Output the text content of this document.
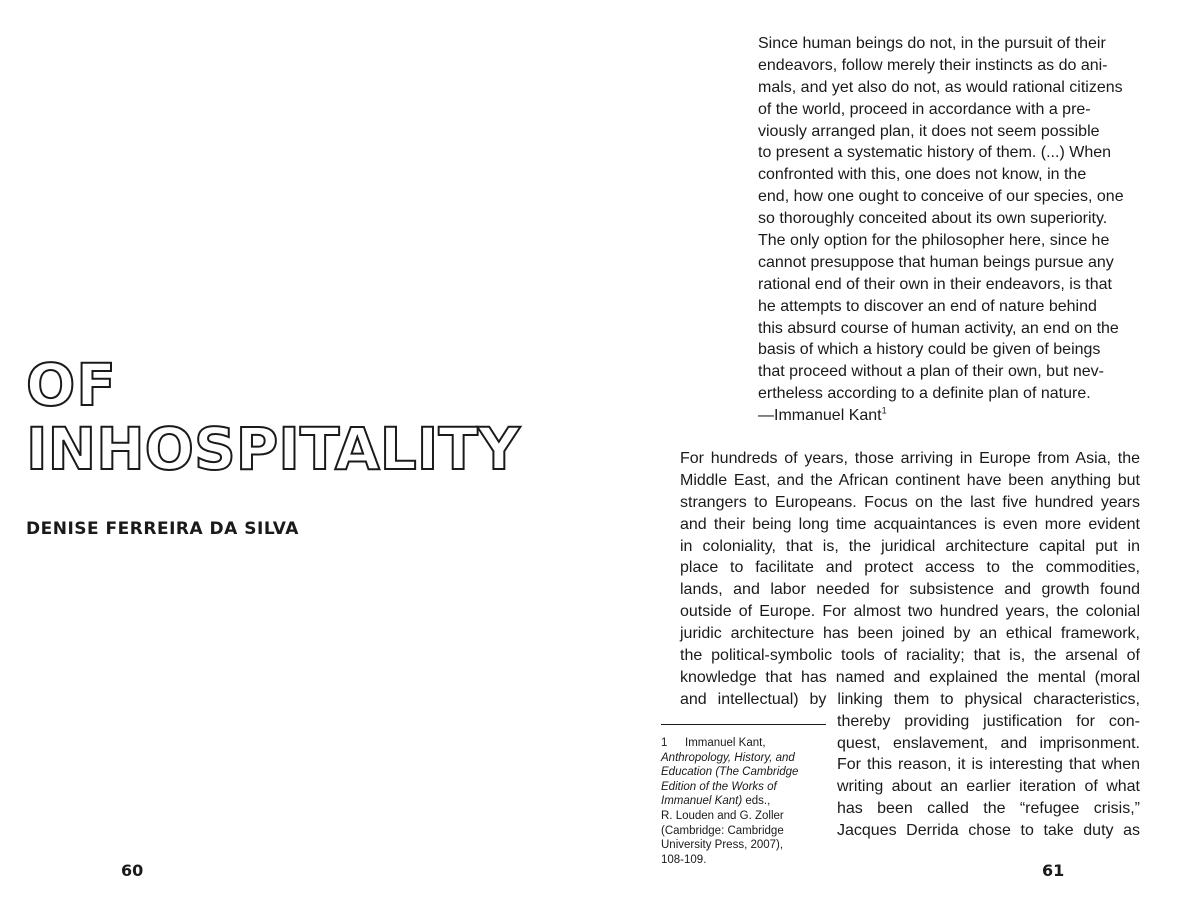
OF
INHOSPITALITY
DENISE FERREIRA DA SILVA
60
Since human beings do not, in the pursuit of their
endeavors, follow merely their instincts as do ani-
mals, and yet also do not, as would rational citizens
of the world, proceed in accordance with a pre-
viously arranged plan, it does not seem possible
to present a systematic history of them. (...) When
confronted with this, one does not know, in the
end, how one ought to conceive of our species, one
so thoroughly conceited about its own superiority.
The only option for the philosopher here, since he
cannot presuppose that human beings pursue any
rational end of their own in their endeavors, is that
he attempts to discover an end of nature behind
this absurd course of human activity, an end on the
basis of which a history could be given of beings
that proceed without a plan of their own, but nev-
ertheless according to a definite plan of nature.
—Immanuel Kant$^1$
For hundreds of years, those arriving in Europe from Asia, the
Middle East, and the African continent have been anything but
strangers to Europeans. Focus on the last five hundred years
and their being long time acquaintances is even more evident
in coloniality, that is, the juridical architecture capital put in
place to facilitate and protect access to the commodities,
lands, and labor needed for subsistence and growth found
outside of Europe. For almost two hundred years, the colonial
juridic architecture has been joined by an ethical framework,
the political-symbolic tools of raciality; that is, the arsenal of
knowledge that has named and explained the mental (moral
and intellectual) by linking them to physical characteristics,
thereby providing justification for con-
quest, enslavement, and imprisonment.
For this reason, it is interesting that when
writing about an earlier iteration of what
has been called the “refugee crisis,”
Jacques Derrida chose to take duty as
1 Immanuel Kant,
Anthropology, History, and
Education (The Cambridge
Edition of the Works of
Immanuel Kant) eds.,
R. Louden and G. Zoller
(Cambridge: Cambridge
University Press, 2007),
108-109.
61
